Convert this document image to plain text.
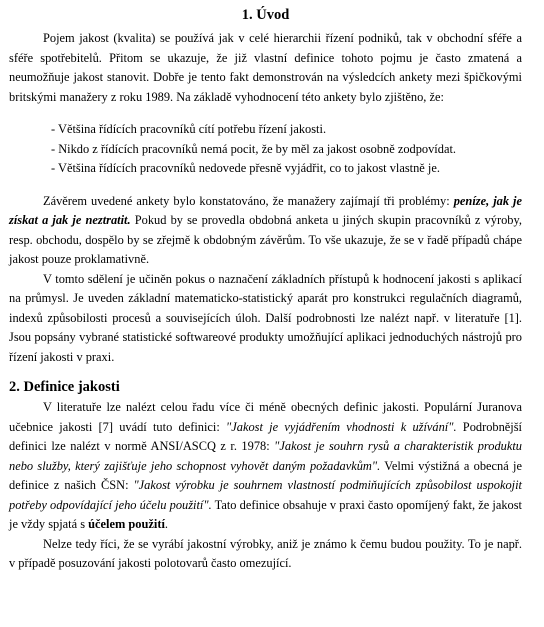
1. Úvod

Pojem jakost (kvalita) se používá jak v celé hierarchii řízení podniků, tak v obchodní sféře a sféře spotřebitelů. Přitom se ukazuje, že již vlastní definice tohoto pojmu je často zmatená a neumožňuje jakost stanovit. Dobře je tento fakt demonstrován na výsledcích ankety mezi špičkovými britskými manažery z roku 1989. Na základě vyhodnocení této ankety bylo zjištěno, že:

- Většina řídících pracovníků cítí potřebu řízení jakosti.
- Nikdo z řídících pracovníků nemá pocit, že by měl za jakost osobně zodpovídat.
- Většina řídících pracovníků nedovede přesně vyjádřit, co to jakost vlastně je.

Závěrem uvedené ankety bylo konstatováno, že manažery zajímají tři problémy: peníze, jak je získat a jak je neztratit. Pokud by se provedla obdobná anketa u jiných skupin pracovníků z výroby, resp. obchodu, dospělo by se zřejmě k obdobným závěrům. To vše ukazuje, že se v řadě případů chápe jakost pouze proklamativně.

V tomto sdělení je učiněn pokus o naznačení základních přístupů k hodnocení jakosti s aplikací na průmysl. Je uveden základní matematicko-statistický aparát pro konstrukci regulačních diagramů, indexů způsobilosti procesů a souvisejících úloh. Další podrobnosti lze nalézt např. v literatuře [1]. Jsou popsány vybrané statistické softwareové produkty umožňující aplikaci jednoduchých nástrojů pro řízení jakosti v praxi.

2. Definice jakosti

V literatuře lze nalézt celou řadu více či méně obecných definic jakosti. Populární Juranova učebnice jakosti [7] uvádí tuto definici: "Jakost je vyjádřením vhodnosti k užívání". Podrobnější definici lze nalézt v normě ANSI/ASCQ z r. 1978: "Jakost je souhrn rysů a charakteristik produktu nebo služby, který zajišťuje jeho schopnost vyhovět daným požadavkům". Velmi výstižná a obecná je definice z našich ČSN: "Jakost výrobku je souhrnem vlastností podmiňujících způsobilost uspokojit potřeby odpovídající jeho účelu použití". Tato definice obsahuje v praxi často opomíjený fakt, že jakost je vždy spjatá s účelem použití.

Nelze tedy říci, že se vyrábí jakostní výrobky, aniž je známo k čemu budou použity. To je např. v případě posuzování jakosti polotovarů často omezující.
